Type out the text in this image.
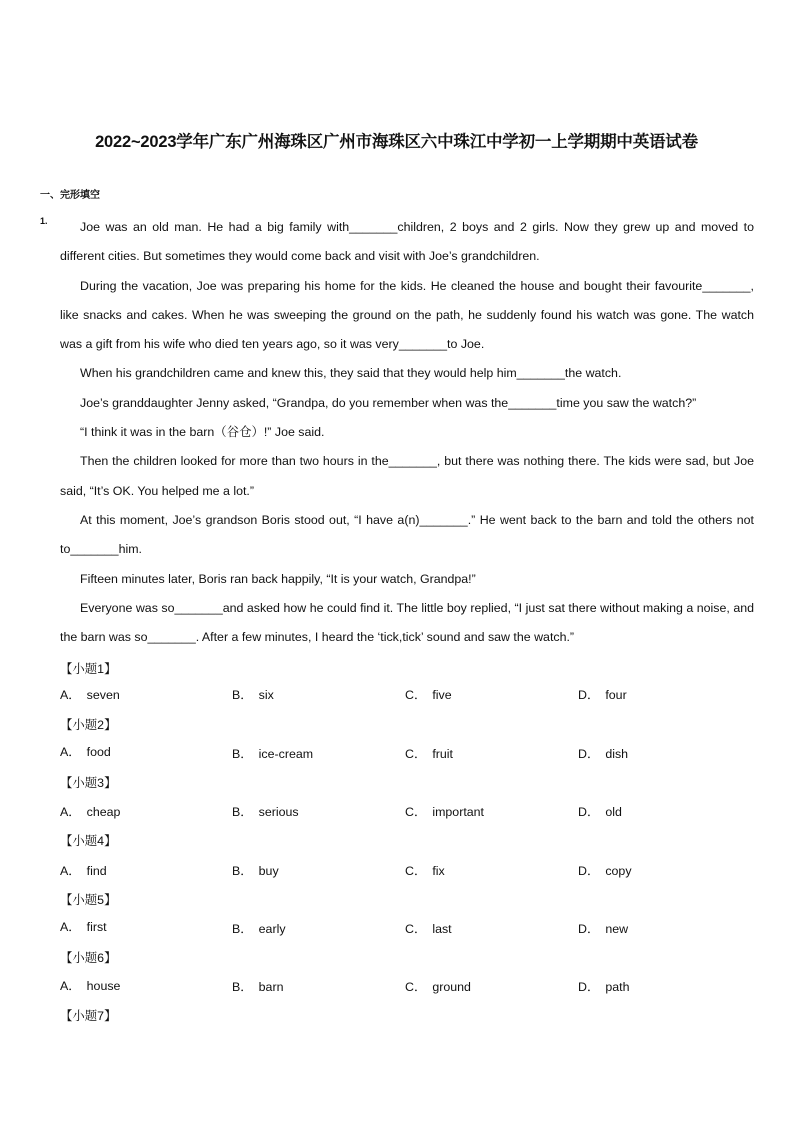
2022~2023学年广东广州海珠区广州市海珠区六中珠江中学初一上学期期中英语试卷
一、完形填空
1.	Joe was an old man. He had a big family with_______children, 2 boys and 2 girls. Now they grew up and moved to different cities. But sometimes they would come back and visit with Joe’s grandchildren.

During the vacation, Joe was preparing his home for the kids. He cleaned the house and bought their favourite_______, like snacks and cakes. When he was sweeping the ground on the path, he suddenly found his watch was gone. The watch was a gift from his wife who died ten years ago, so it was very_______to Joe.

When his grandchildren came and knew this, they said that they would help him_______the watch.

Joe’s granddaughter Jenny asked, “Grandpa, do you remember when was the_______time you saw the watch?”

“I think it was in the barn（谷仓）!” Joe said.

Then the children looked for more than two hours in the_______, but there was nothing there. The kids were sad, but Joe said, “It’s OK. You helped me a lot.”

At this moment, Joe’s grandson Boris stood out, “I have a(n)_______.” He went back to the barn and told the others not to_______him.

Fifteen minutes later, Boris ran back happily, “It is your watch, Grandpa!”

Everyone was so_______and asked how he could find it. The little boy replied, “I just sat there without making a noise, and the barn was so_______. After a few minutes, I heard the ‘tick,tick’ sound and saw the watch.”

【小题1】
A． seven	B． six	C． five	D． four
【小题2】
A． food	B． ice-cream	C． fruit	D． dish
【小题3】
A． cheap	B． serious	C． important	D． old
【小题4】
A． find	B． buy	C． fix	D． copy
【小题5】
A． first	B． early	C． last	D． new
【小题6】
A． house	B． barn	C． ground	D． path
【小题7】
